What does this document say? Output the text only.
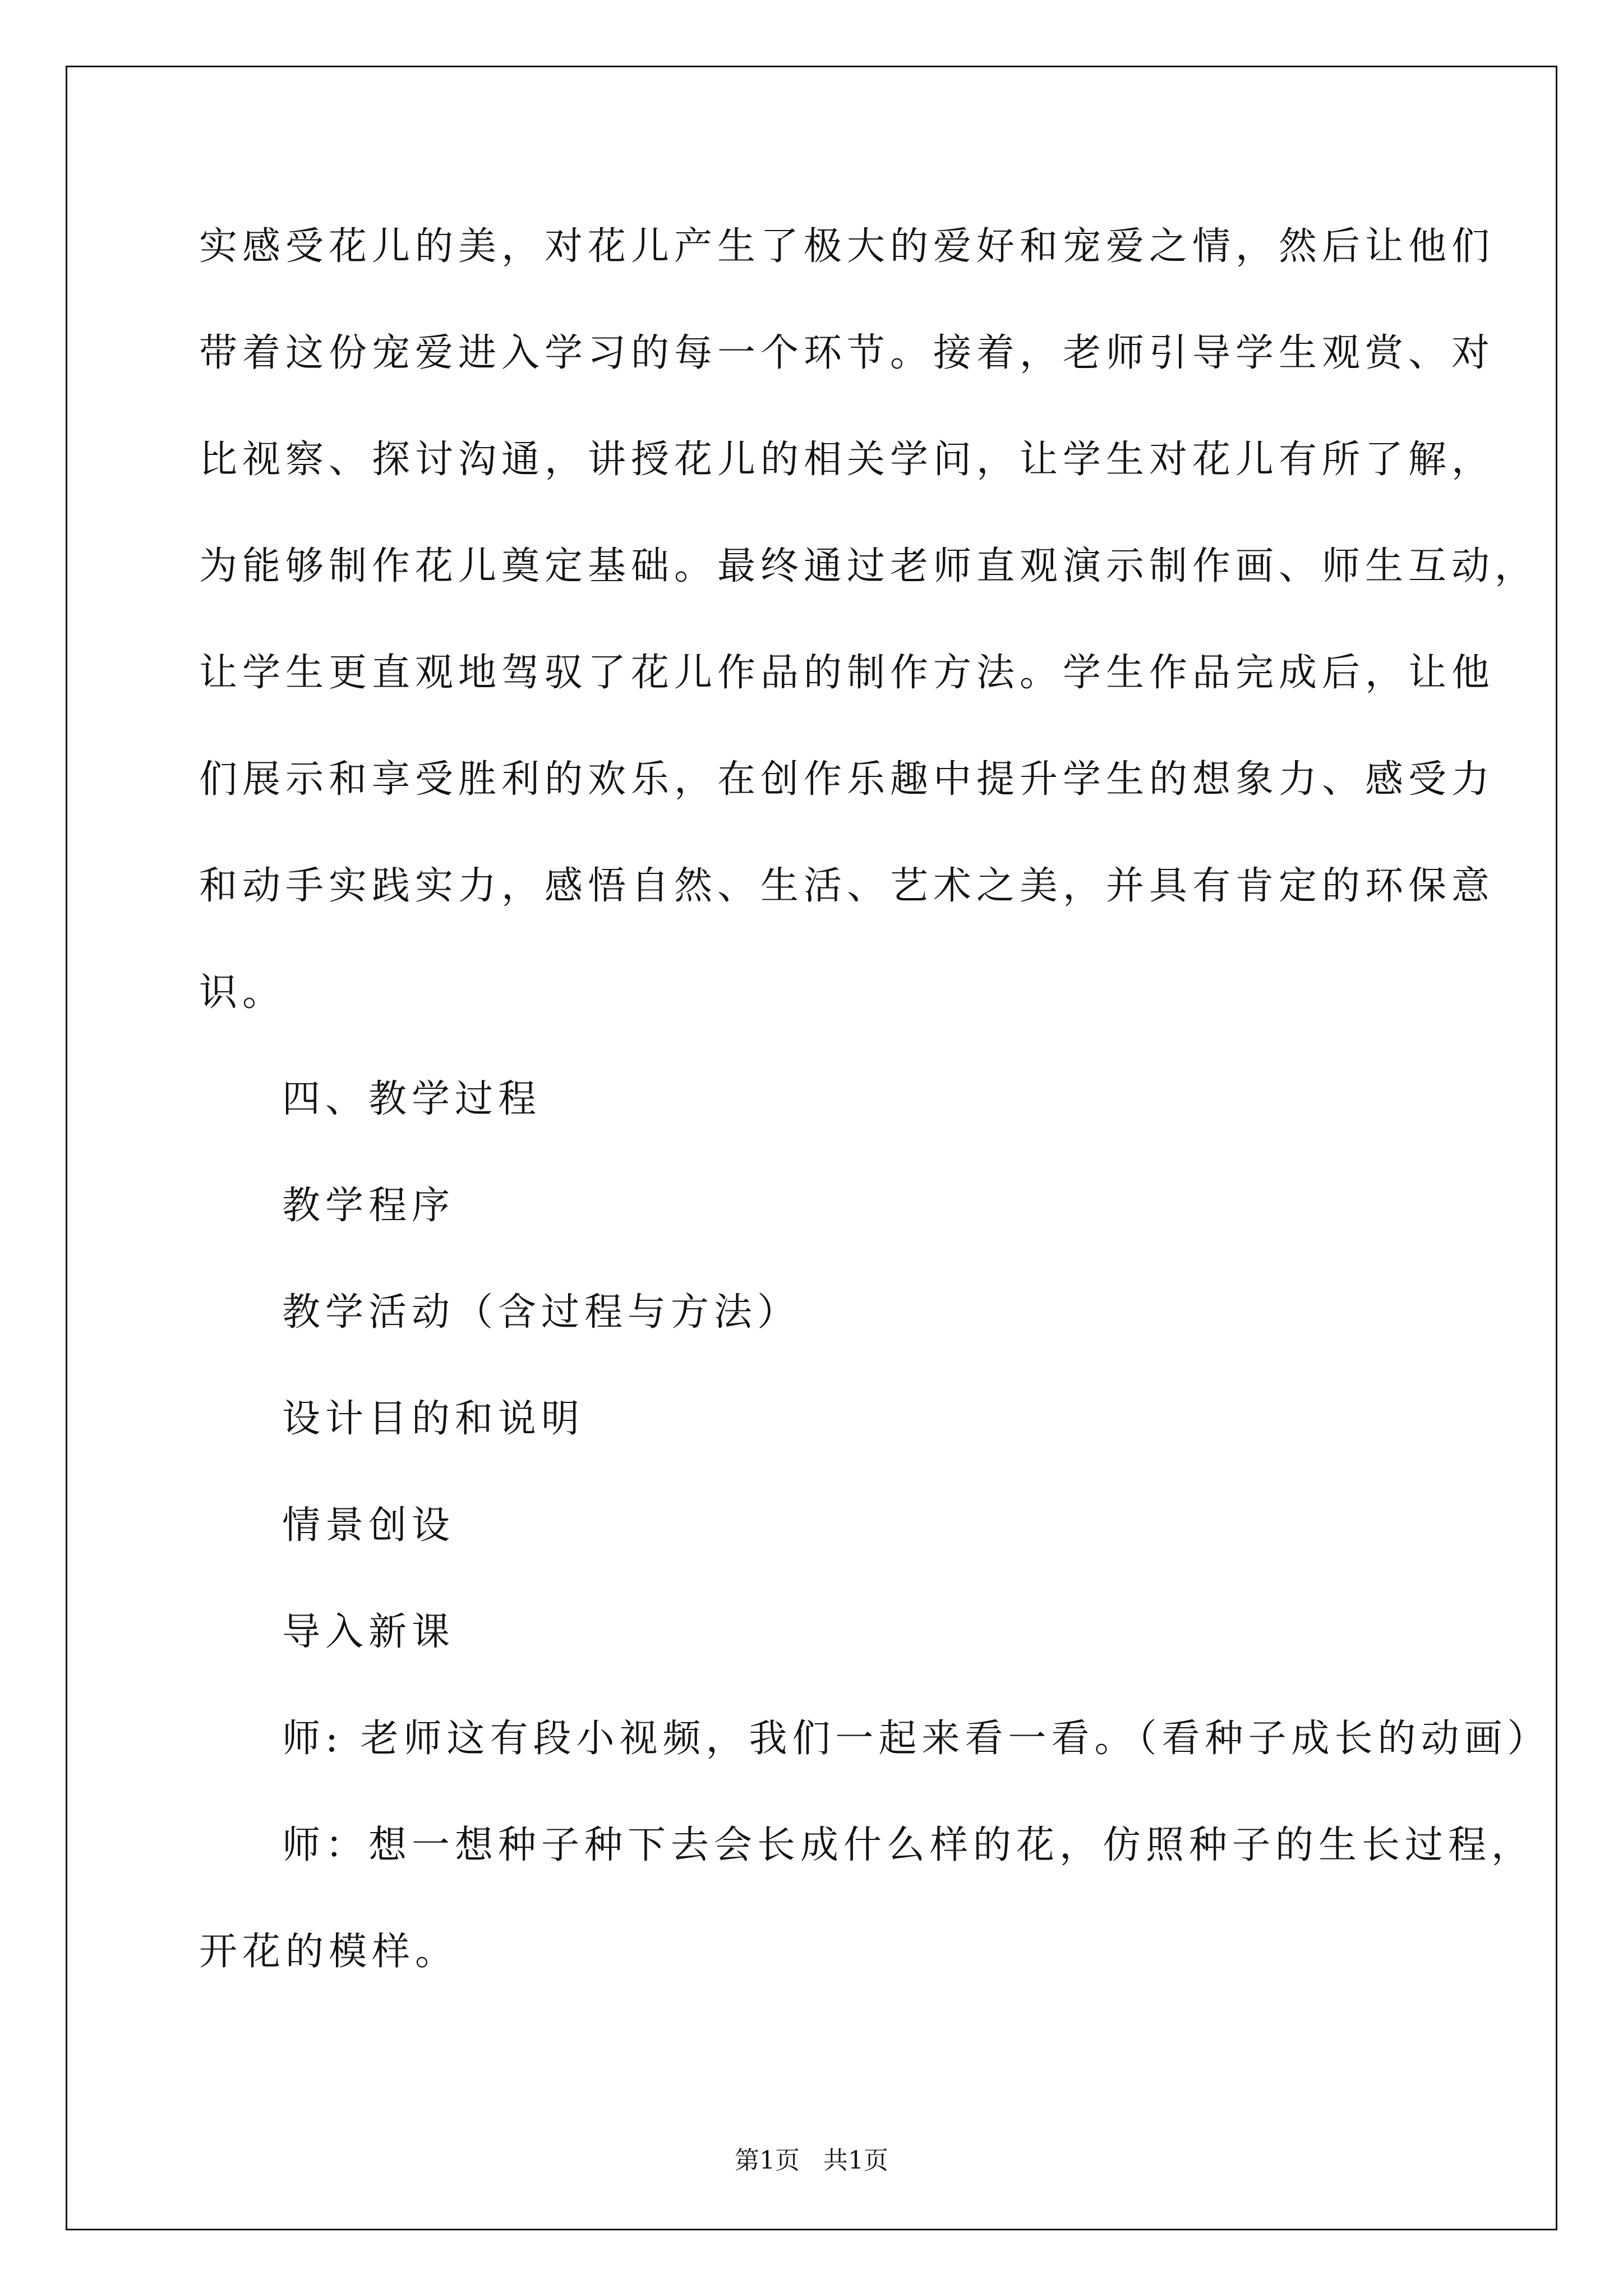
实感受花儿的美，对花儿产生了极大的爱好和宠爱之情，然后让他们
带着这份宠爱进入学习的每一个环节。接着，老师引导学生观赏、对
比视察、探讨沟通，讲授花儿的相关学问，让学生对花儿有所了解，
为能够制作花儿奠定基础。最终通过老师直观演示制作画、师生互动，
让学生更直观地驾驭了花儿作品的制作方法。学生作品完成后，让他
们展示和享受胜利的欢乐，在创作乐趣中提升学生的想象力、感受力
和动手实践实力，感悟自然、生活、艺术之美，并具有肯定的环保意
识。
四、教学过程
教学程序
教学活动（含过程与方法）
设计目的和说明
情景创设
导入新课
师: 老师这有段小视频，我们一起来看一看。（看种子成长的动画）
师：想一想种子种下去会长成什么样的花，仿照种子的生长过程，
开花的模样。
第1页   共1页
